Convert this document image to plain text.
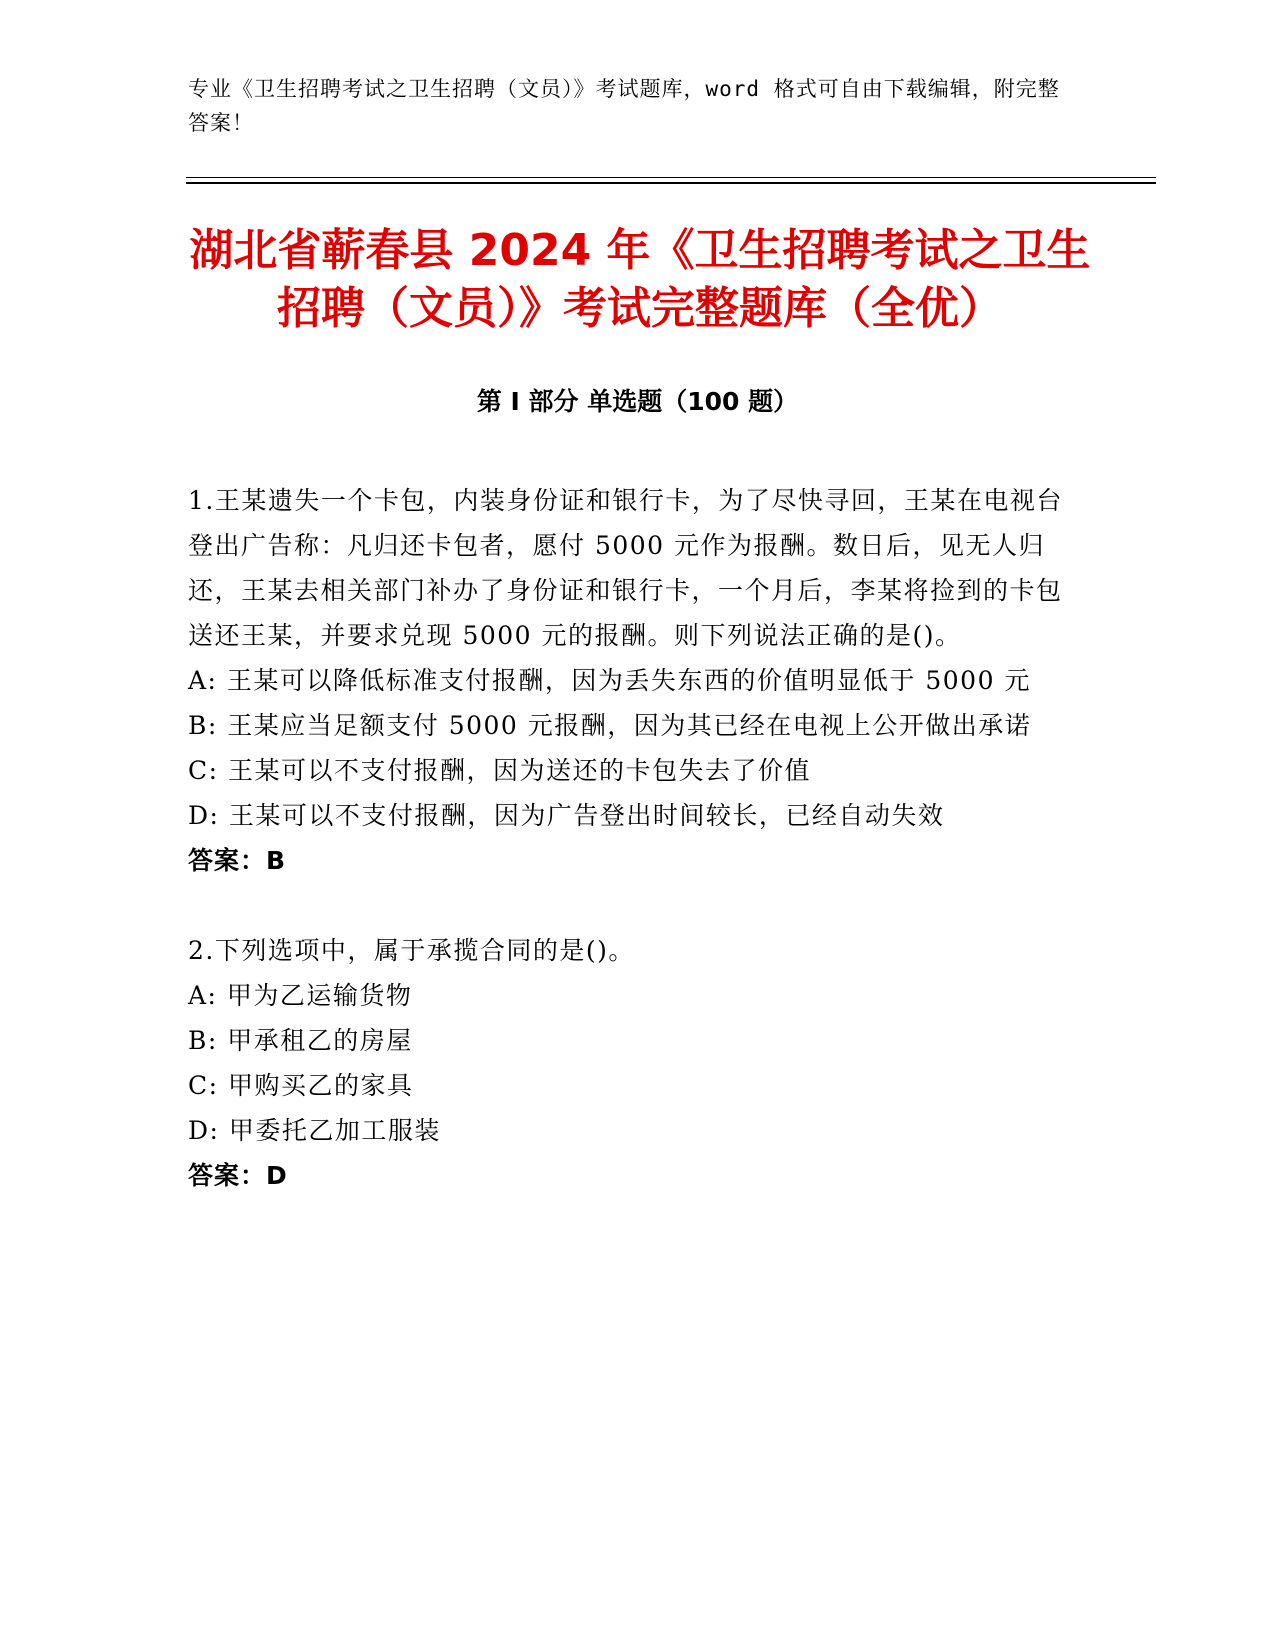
专业《卫生招聘考试之卫生招聘（文员）》考试题库，word 格式可自由下载编辑，附完整答案！
湖北省蕲春县 2024 年《卫生招聘考试之卫生招聘（文员）》考试完整题库（全优）
第 I 部分 单选题（100 题）

1.王某遗失一个卡包，内装身份证和银行卡，为了尽快寻回，王某在电视台登出广告称：凡归还卡包者，愿付 5000 元作为报酬。数日后，见无人归还，王某去相关部门补办了身份证和银行卡，一个月后，李某将捡到的卡包送还王某，并要求兑现 5000 元的报酬。则下列说法正确的是()。

A: 王某可以降低标准支付报酬，因为丢失东西的价值明显低于 5000 元

B: 王某应当足额支付 5000 元报酬，因为其已经在电视上公开做出承诺

C: 王某可以不支付报酬，因为送还的卡包失去了价值

D: 王某可以不支付报酬，因为广告登出时间较长，已经自动失效

答案：B

2.下列选项中，属于承揽合同的是()。

A: 甲为乙运输货物

B: 甲承租乙的房屋

C: 甲购买乙的家具

D: 甲委托乙加工服装

答案：D
